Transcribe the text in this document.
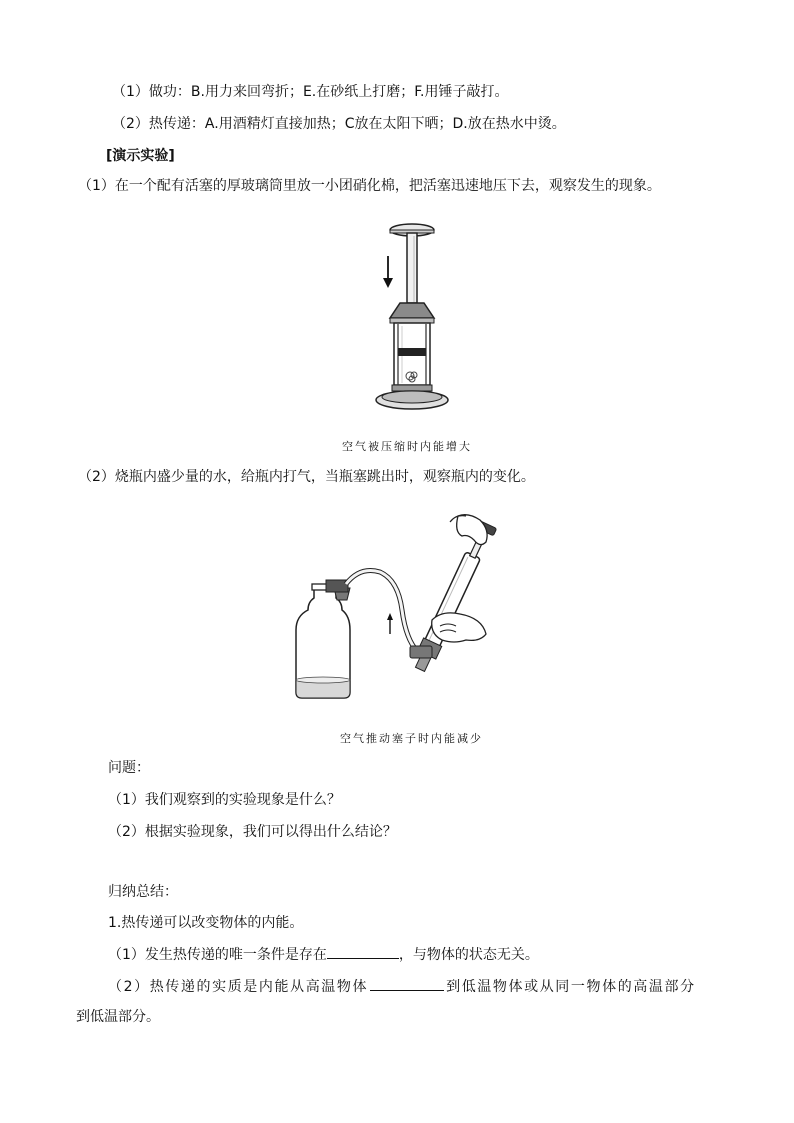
（1）做功：B.用力来回弯折；E.在砂纸上打磨；F.用锤子敲打。
（2）热传递：A.用酒精灯直接加热；C放在太阳下晒；D.放在热水中烫。
[演示实验]
（1）在一个配有活塞的厚玻璃筒里放一小团硝化棉，把活塞迅速地压下去，观察发生的现象。
空气被压缩时内能增大
（2）烧瓶内盛少量的水，给瓶内打气，当瓶塞跳出时，观察瓶内的变化。
空气推动塞子时内能减少
问题：
（1）我们观察到的实验现象是什么？
（2）根据实验现象，我们可以得出什么结论？
归纳总结：
1.热传递可以改变物体的内能。
（1）发生热传递的唯一条件是存在	，与物体的状态无关。
（2）热传递的实质是内能从高温物体	到低温物体或从同一物体的高温部分
到低温部分。
